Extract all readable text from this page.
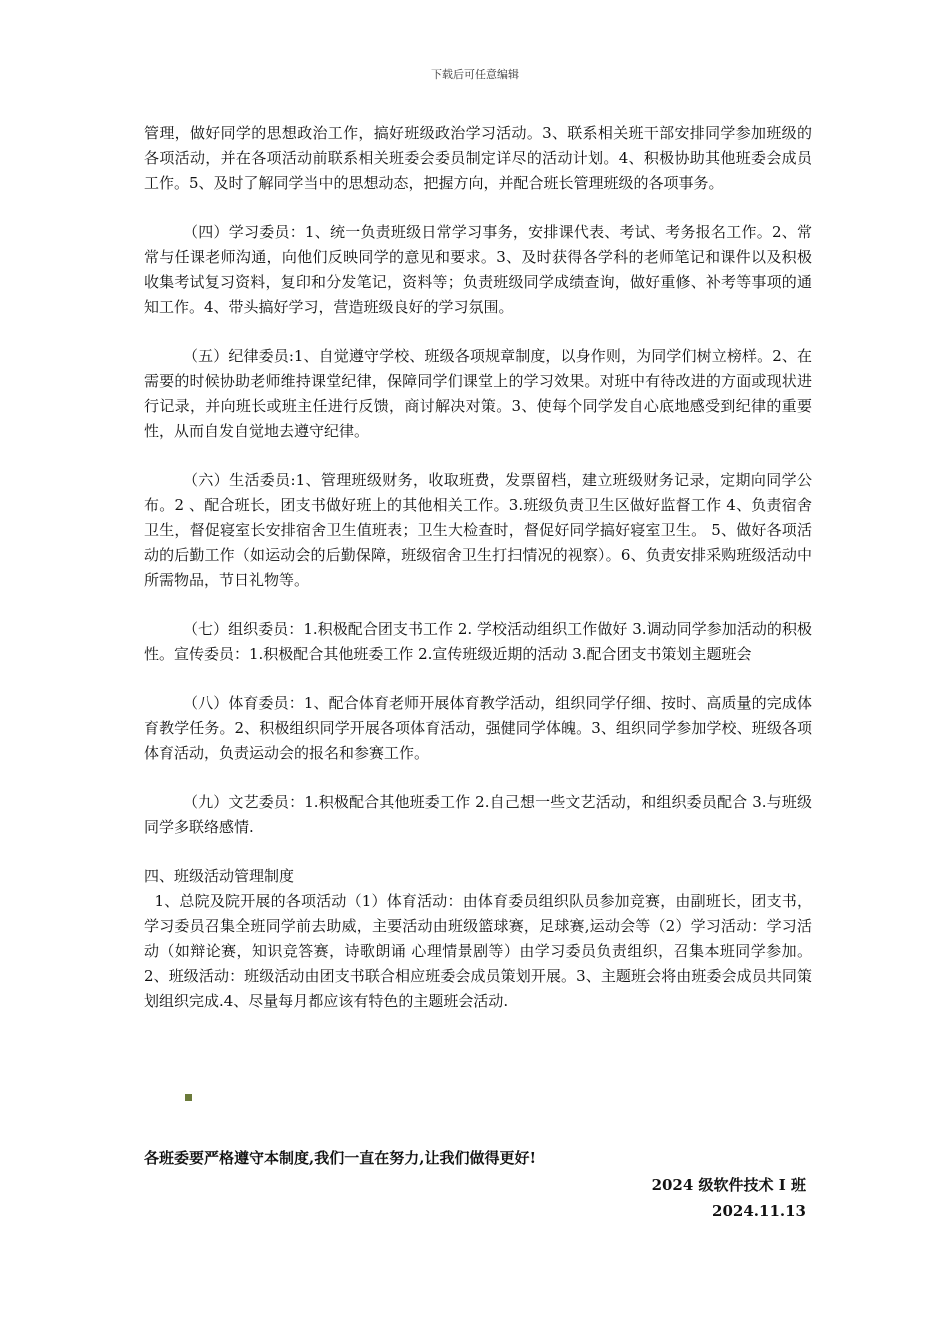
下载后可任意编辑

管理，做好同学的思想政治工作，搞好班级政治学习活动。3、联系相关班干部安排同学参加班级的各项活动，并在各项活动前联系相关班委会委员制定详尽的活动计划。4、积极协助其他班委会成员工作。5、及时了解同学当中的思想动态，把握方向，并配合班长管理班级的各项事务。

（四）学习委员：1、统一负责班级日常学习事务，安排课代表、考试、考务报名工作。2、常常与任课老师沟通，向他们反映同学的意见和要求。3、及时获得各学科的老师笔记和课件以及积极收集考试复习资料，复印和分发笔记，资料等；负责班级同学成绩查询，做好重修、补考等事项的通知工作。4、带头搞好学习，营造班级良好的学习氛围。

（五）纪律委员:1、自觉遵守学校、班级各项规章制度，以身作则，为同学们树立榜样。2、在需要的时候协助老师维持课堂纪律，保障同学们课堂上的学习效果。对班中有待改进的方面或现状进行记录，并向班长或班主任进行反馈，商讨解决对策。3、使每个同学发自心底地感受到纪律的重要性，从而自发自觉地去遵守纪律。

（六）生活委员:1、管理班级财务，收取班费，发票留档，建立班级财务记录，定期向同学公布。2 、配合班长，团支书做好班上的其他相关工作。3.班级负责卫生区做好监督工作 4、负责宿舍卫生，督促寝室长安排宿舍卫生值班表；卫生大检查时，督促好同学搞好寝室卫生。 5、做好各项活动的后勤工作（如运动会的后勤保障，班级宿舍卫生打扫情况的视察）。6、负责安排采购班级活动中所需物品，节日礼物等。

（七）组织委员：1.积极配合团支书工作 2. 学校活动组织工作做好 3.调动同学参加活动的积极性。宣传委员：1.积极配合其他班委工作 2.宣传班级近期的活动 3.配合团支书策划主题班会

（八）体育委员：1、配合体育老师开展体育教学活动，组织同学仔细、按时、高质量的完成体育教学任务。2、积极组织同学开展各项体育活动，强健同学体魄。3、组织同学参加学校、班级各项体育活动，负责运动会的报名和参赛工作。

（九）文艺委员：1.积极配合其他班委工作 2.自己想一些文艺活动，和组织委员配合 3.与班级同学多联络感情.

四、班级活动管理制度

1、总院及院开展的各项活动（1）体育活动：由体育委员组织队员参加竞赛，由副班长，团支书，学习委员召集全班同学前去助威，主要活动由班级篮球赛，足球赛,运动会等（2）学习活动：学习活动（如辩论赛，知识竞答赛，诗歌朗诵 心理情景剧等）由学习委员负责组织，召集本班同学参加。2、班级活动：班级活动由团支书联合相应班委会成员策划开展。3、主题班会将由班委会成员共同策划组织完成.4、尽量每月都应该有特色的主题班会活动.

各班委要严格遵守本制度,我们一直在努力,让我们做得更好!
2024 级软件技术 I 班
2024.11.13
